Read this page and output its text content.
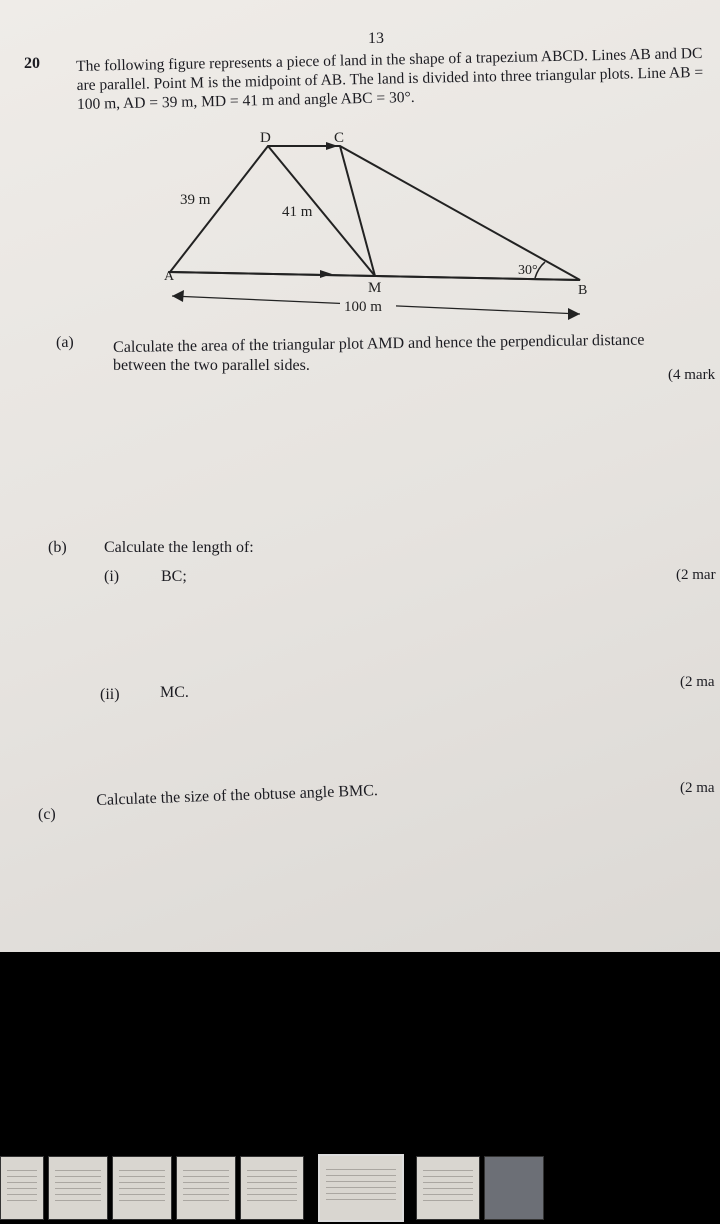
13
20 The following figure represents a piece of land in the shape of a trapezium ABCD. Lines AB and DC are parallel. Point M is the midpoint of AB. The land is divided into three triangular plots. Line AB = 100 m, AD = 39 m, MD = 41 m and angle ABC = 30°.
D	C
A
B
M
39 m
41 m
30°
100 m
(a) Calculate the area of the triangular plot AMD and hence the perpendicular distance
between the two parallel sides.
(4 mark
(b) Calculate the length of:
(i)	BC;	(2 mar
(ii)	MC.
(2 ma
(c)
Calculate the size of the obtuse angle BMC.	(2 ma
